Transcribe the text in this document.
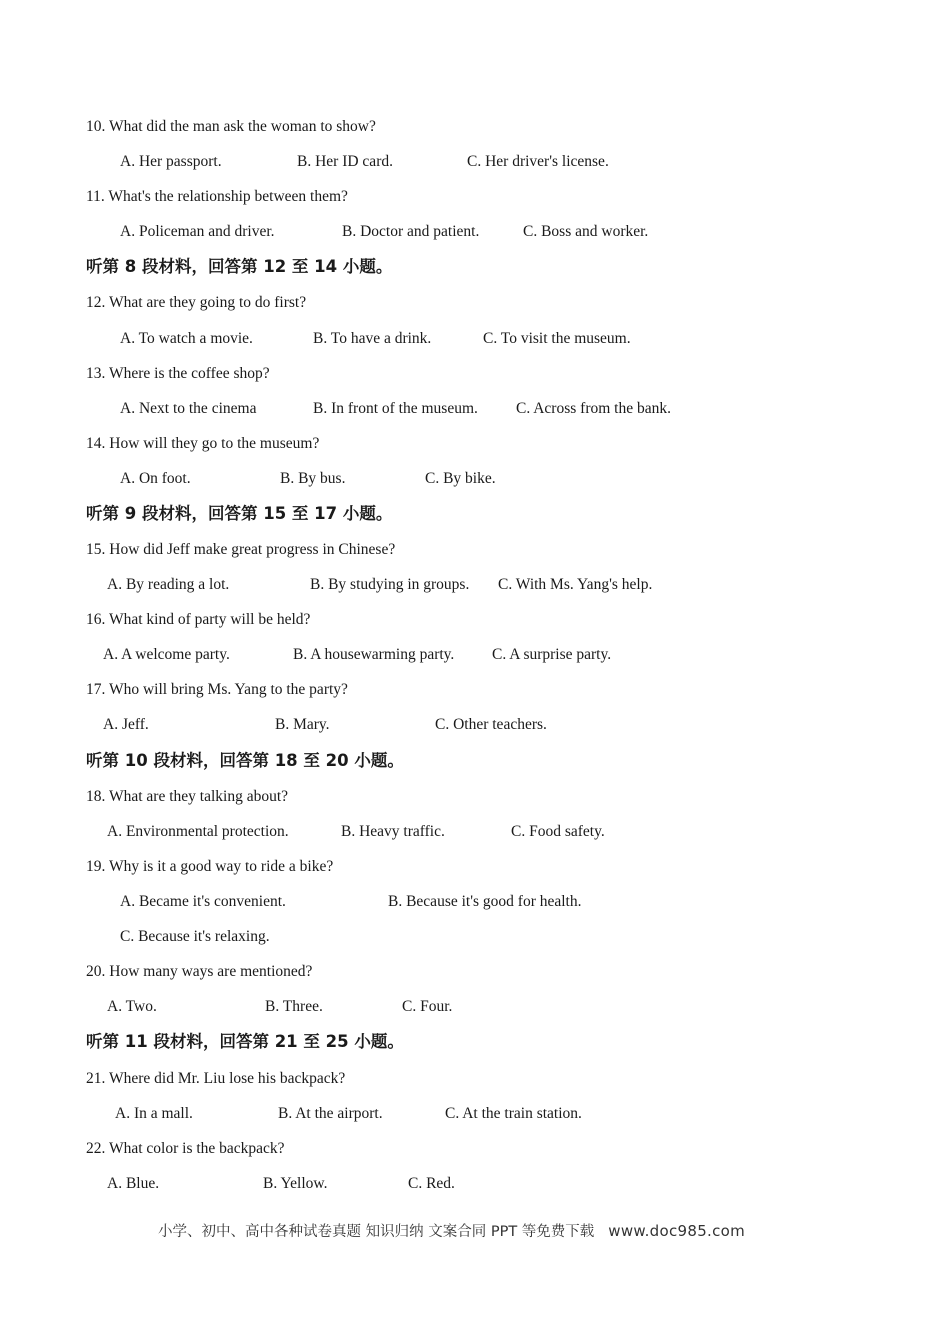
10. What did the man ask the woman to show?
A. Her passport.	B. Her ID card.	C. Her driver's license.
11. What's the relationship between them?
A. Policeman and driver.	B. Doctor and patient.	C. Boss and worker.
听第 8 段材料，回答第 12 至 14 小题。
12. What are they going to do first?
A. To watch a movie.	B. To have a drink.	C. To visit the museum.
13. Where is the coffee shop?
A. Next to the cinema	B. In front of the museum. C. Across from the bank.
14. How will they go to the museum?
A. On foot.	B. By bus.	C. By bike.
听第 9 段材料，回答第 15 至 17 小题。
15. How did Jeff make great progress in Chinese?
A. By reading a lot.	B. By studying in groups. C. With Ms. Yang's help.
16. What kind of party will be held?
A. A welcome party.	B. A housewarming party. C. A surprise party.
17. Who will bring Ms. Yang to the party?
A. Jeff.	B. Mary.	C. Other teachers.
听第 10 段材料，回答第 18 至 20 小题。
18. What are they talking about?
A. Environmental protection.	B. Heavy traffic.	C. Food safety.
19. Why is it a good way to ride a bike?
A. Became it's convenient.	B. Because it's good for health.
C. Because it's relaxing.
20. How many ways are mentioned?
A. Two.	B. Three.	C. Four.
听第 11 段材料，回答第 21 至 25 小题。
21. Where did Mr. Liu lose his backpack?
A. In a mall.	B. At the airport.	C. At the train station.
22. What color is the backpack?
A. Blue.	B. Yellow.	C. Red.
小学、初中、高中各种试卷真题 知识归纳 文案合同 PPT 等免费下载 www.doc985.com
